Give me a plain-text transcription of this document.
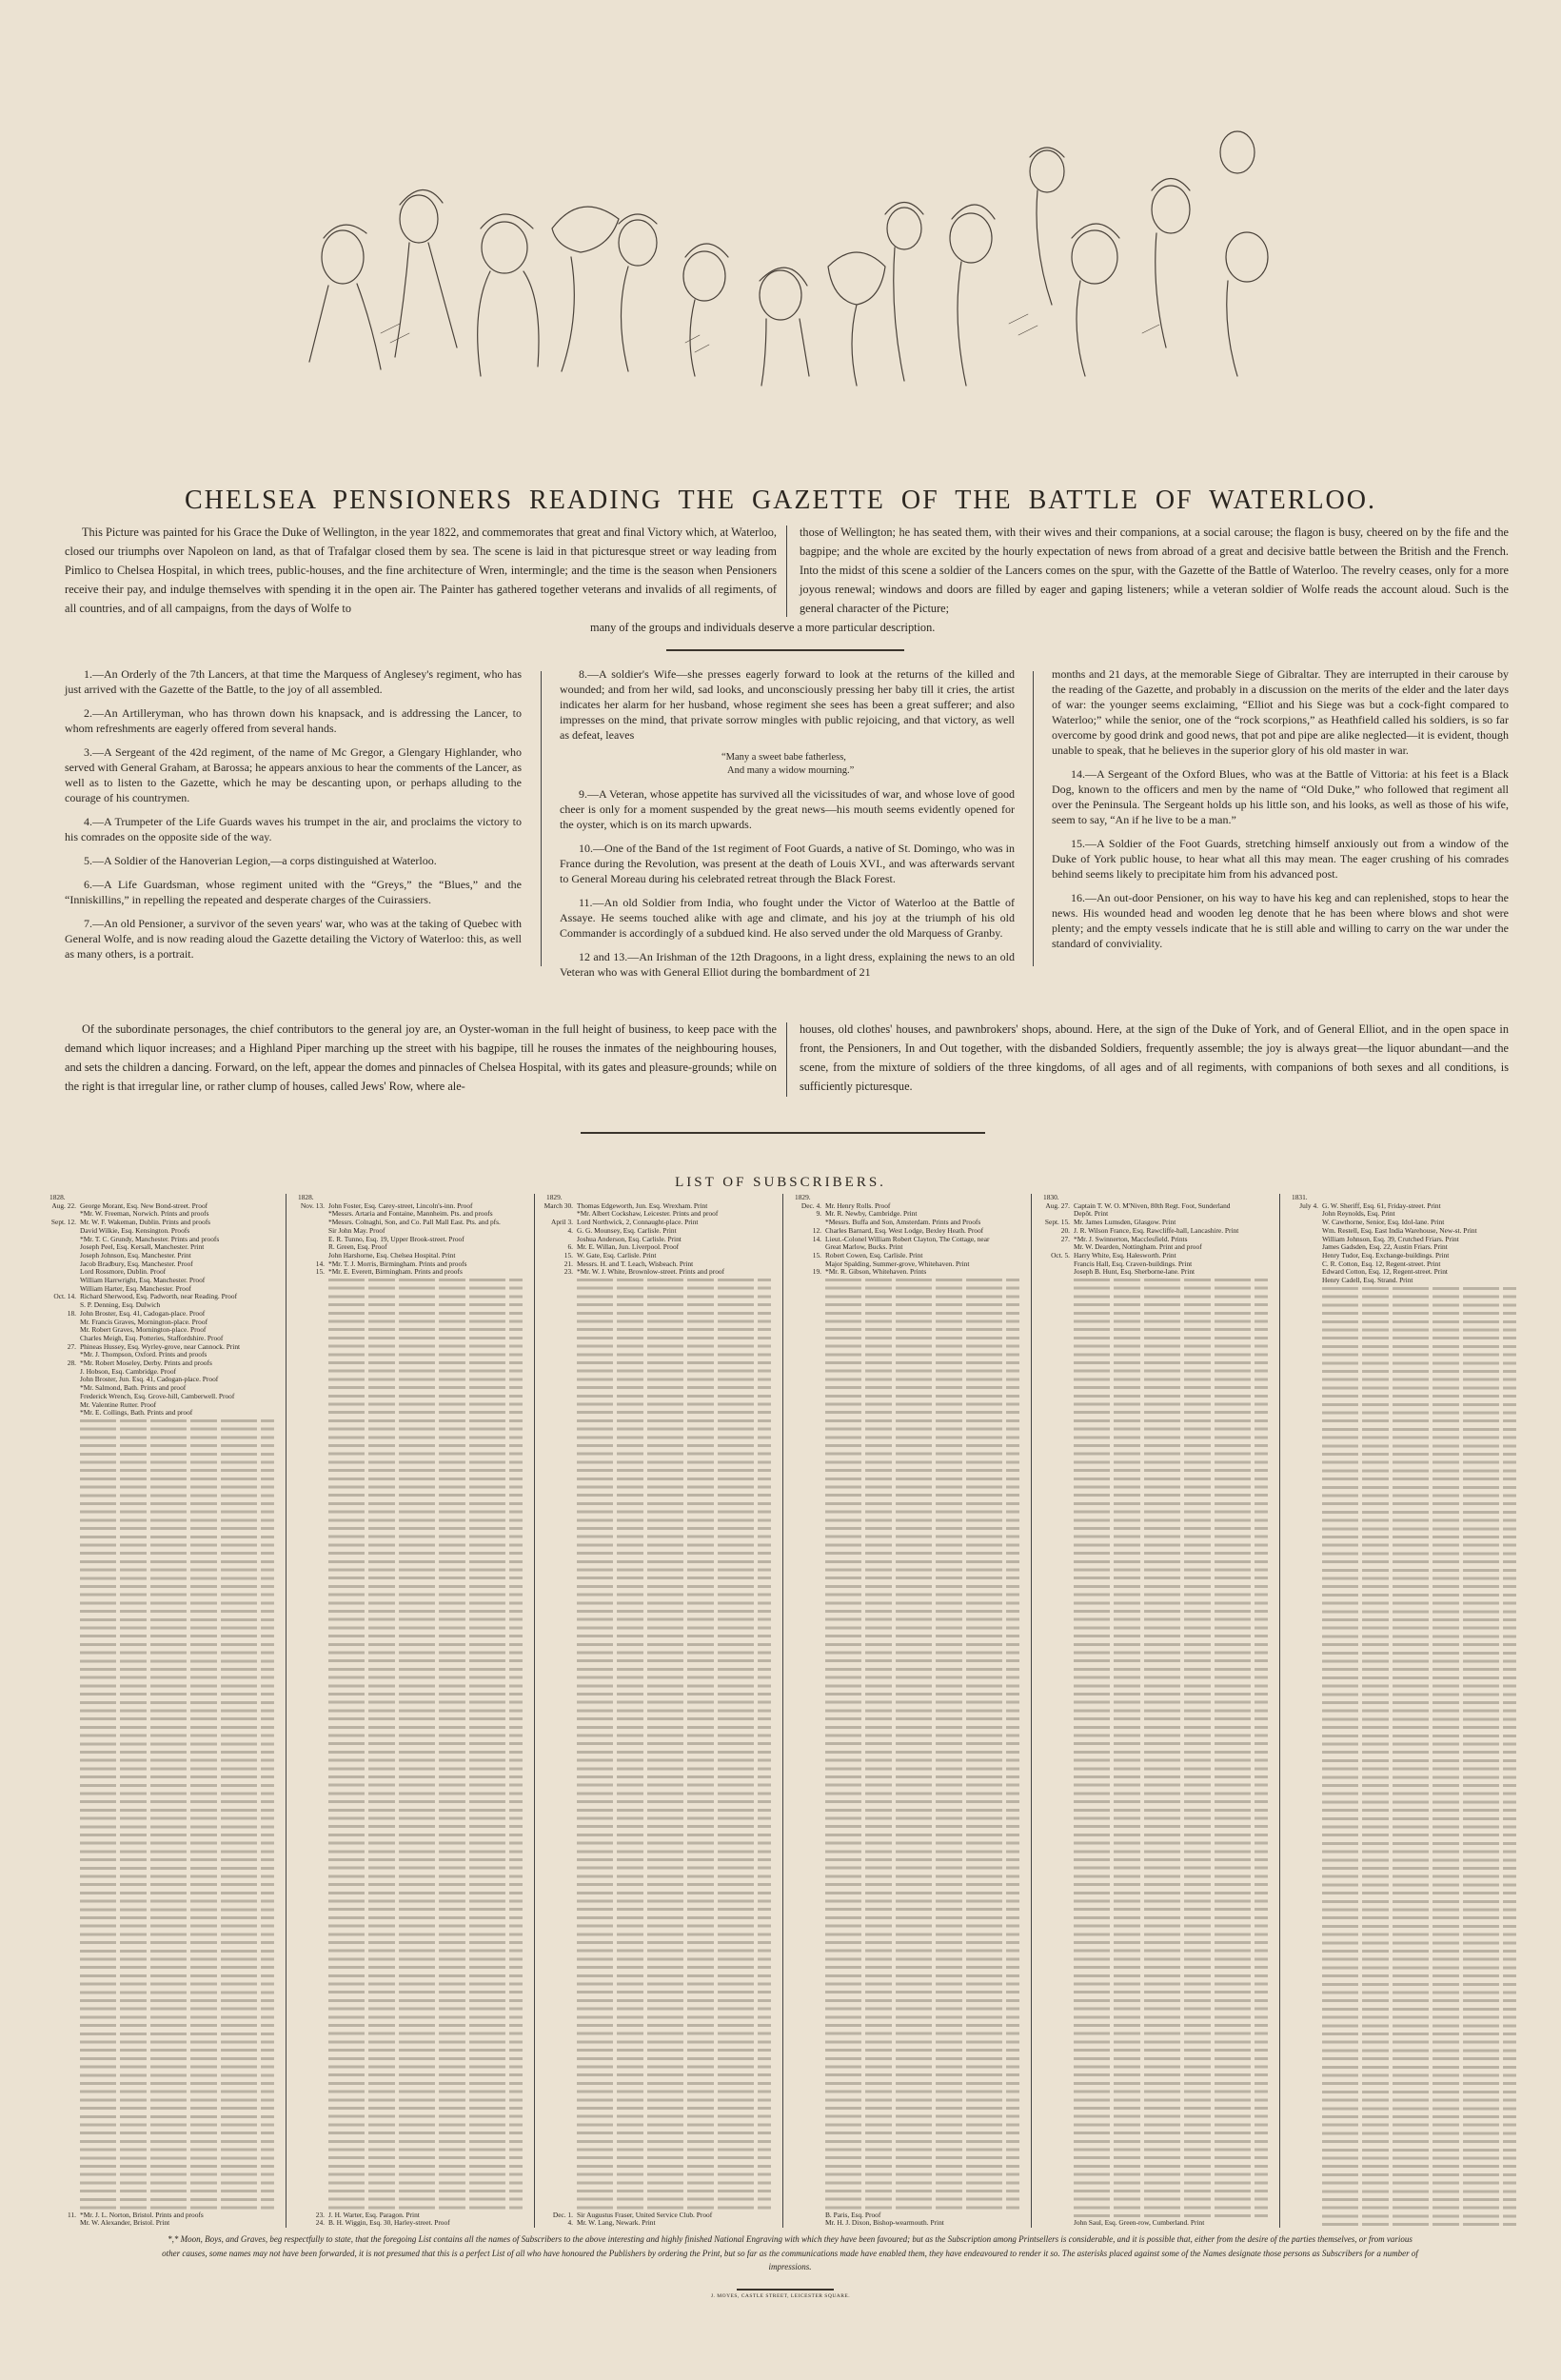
CHELSEA PENSIONERS READING THE GAZETTE OF THE BATTLE OF WATERLOO.

This Picture was painted for his Grace the Duke of Wellington, in the year 1822, and commemorates that great and final Victory which, at Waterloo, closed our triumphs over Napoleon on land, as that of Trafalgar closed them by sea. The scene is laid in that picturesque street or way leading from Pimlico to Chelsea Hospital, in which trees, public-houses, and the fine architecture of Wren, intermingle; and the time is the season when Pensioners receive their pay, and indulge themselves with spending it in the open air. The Painter has gathered together veterans and invalids of all regiments, of all countries, and of all campaigns, from the days of Wolfe to

those of Wellington; he has seated them, with their wives and their companions, at a social carouse; the flagon is busy, cheered on by the fife and the bagpipe; and the whole are excited by the hourly expectation of news from abroad of a great and decisive battle between the British and the French. Into the midst of this scene a soldier of the Lancers comes on the spur, with the Gazette of the Battle of Waterloo. The revelry ceases, only for a more joyous renewal; windows and doors are filled by eager and gaping listeners; while a veteran soldier of Wolfe reads the account aloud. Such is the general character of the Picture;

many of the groups and individuals deserve a more particular description.

1.—An Orderly of the 7th Lancers, at that time the Marquess of Anglesey's regiment, who has just arrived with the Gazette of the Battle, to the joy of all assembled.

2.—An Artilleryman, who has thrown down his knapsack, and is addressing the Lancer, to whom refreshments are eagerly offered from several hands.

3.—A Sergeant of the 42d regiment, of the name of Mc Gregor, a Glengary Highlander, who served with General Graham, at Barossa; he appears anxious to hear the comments of the Lancer, as well as to listen to the Gazette, which he may be descanting upon, or perhaps alluding to the courage of his countrymen.

4.—A Trumpeter of the Life Guards waves his trumpet in the air, and proclaims the victory to his comrades on the opposite side of the way.

5.—A Soldier of the Hanoverian Legion,—a corps distinguished at Waterloo.

6.—A Life Guardsman, whose regiment united with the “Greys,” the “Blues,” and the “Inniskillins,” in repelling the repeated and desperate charges of the Cuirassiers.

7.—An old Pensioner, a survivor of the seven years' war, who was at the taking of Quebec with General Wolfe, and is now reading aloud the Gazette detailing the Victory of Waterloo: this, as well as many others, is a portrait.

8.—A soldier's Wife—she presses eagerly forward to look at the returns of the killed and wounded; and from her wild, sad looks, and unconsciously pressing her baby till it cries, the artist indicates her alarm for her husband, whose regiment she sees has been a great sufferer; and also impresses on the mind, that private sorrow mingles with public rejoicing, and that victory, as well as defeat, leaves

“Many a sweet babe fatherless,
And many a widow mourning.”

9.—A Veteran, whose appetite has survived all the vicissitudes of war, and whose love of good cheer is only for a moment suspended by the great news—his mouth seems evidently opened for the oyster, which is on its march upwards.

10.—One of the Band of the 1st regiment of Foot Guards, a native of St. Domingo, who was in France during the Revolution, was present at the death of Louis XVI., and was afterwards servant to General Moreau during his celebrated retreat through the Black Forest.

11.—An old Soldier from India, who fought under the Victor of Waterloo at the Battle of Assaye. He seems touched alike with age and climate, and his joy at the triumph of his old Commander is accordingly of a subdued kind. He also served under the old Marquess of Granby.

12 and 13.—An Irishman of the 12th Dragoons, in a light dress, explaining the news to an old Veteran who was with General Elliot during the bombardment of 21

months and 21 days, at the memorable Siege of Gibraltar. They are interrupted in their carouse by the reading of the Gazette, and probably in a discussion on the merits of the elder and the later days of war: the younger seems exclaiming, “Elliot and his Siege was but a cock-fight compared to Waterloo;” while the senior, one of the “rock scorpions,” as Heathfield called his soldiers, is so far overcome by good drink and good news, that pot and pipe are alike neglected—it is evident, though unable to speak, that he believes in the superior glory of his old master in war.

14.—A Sergeant of the Oxford Blues, who was at the Battle of Vittoria: at his feet is a Black Dog, known to the officers and men by the name of “Old Duke,” who followed that regiment all over the Peninsula. The Sergeant holds up his little son, and his looks, as well as those of his wife, seem to say, “An if he live to be a man.”

15.—A Soldier of the Foot Guards, stretching himself anxiously out from a window of the Duke of York public house, to hear what all this may mean. The eager crushing of his comrades behind seems likely to precipitate him from his advanced post.

16.—An out-door Pensioner, on his way to have his keg and can replenished, stops to hear the news. His wounded head and wooden leg denote that he has been where blows and shot were plenty; and the empty vessels indicate that he is still able and willing to carry on the war under the standard of conviviality.

Of the subordinate personages, the chief contributors to the general joy are, an Oyster-woman in the full height of business, to keep pace with the demand which liquor increases; and a Highland Piper marching up the street with his bagpipe, till he rouses the inmates of the neighbouring houses, and sets the children a dancing. Forward, on the left, appear the domes and pinnacles of Chelsea Hospital, with its gates and pleasure-grounds; while on the right is that irregular line, or rather clump of houses, called Jews' Row, where ale-

houses, old clothes' houses, and pawnbrokers' shops, abound. Here, at the sign of the Duke of York, and of General Elliot, and in the open space in front, the Pensioners, In and Out together, with the disbanded Soldiers, frequently assemble; the joy is always great—the liquor abundant—and the scene, from the mixture of soldiers of the three kingdoms, of all ages and of all regiments, with companions of both sexes and all conditions, is sufficiently picturesque.

LIST OF SUBSCRIBERS.
1828.
Aug. 22. George Morant, Esq. New Bond-street. Proof
*Mr. W. Freeman, Norwich. Prints and proofs
Sept. 12. Mr. W. F. Wakeman, Dublin. Prints and proofs
David Wilkie, Esq. Kensington. Proofs
*Mr. T. C. Grundy, Manchester. Prints and proofs
Joseph Peel, Esq. Kersall, Manchester. Print
Joseph Johnson, Esq. Manchester. Print
Jacob Bradbury, Esq. Manchester. Proof
Lord Rossmore, Dublin. Proof
William Harrwright, Esq. Manchester. Proof
William Harter, Esq. Manchester. Proof
Oct. 14. Richard Sherwood, Esq. Padworth, near Reading. Proof
S. P. Denning, Esq. Dulwich
18. John Broster, Esq. 41, Cadogan-place. Proof
Mr. Francis Graves, Mornington-place. Proof
Mr. Robert Graves, Mornington-place. Proof
Charles Meigh, Esq. Potteries, Staffordshire. Proof
27. Phineas Hussey, Esq. Wyrley-grove, near Cannock. Print
*Mr. J. Thompson, Oxford. Prints and proofs
28. *Mr. Robert Moseley, Derby. Prints and proofs
J. Hobson, Esq. Cambridge. Proof
John Broster, Jun. Esq. 41, Cadogan-place. Proof
*Mr. Salmond, Bath. Prints and proof
Frederick Wrench, Esq. Grove-hill, Camberwell. Proof
Mr. Valentine Rutter. Proof
*Mr. E. Collings, Bath. Prints and proof
11. *Mr. J. L. Norton, Bristol. Prints and proofs
Mr. W. Alexander, Bristol. Print
1828.
Nov. 13. John Foster, Esq. Carey-street, Lincoln's-inn. Proof
*Messrs. Artaria and Fontaine, Mannheim. Pts. and proofs
*Messrs. Colnaghi, Son, and Co. Pall Mall East. Pts. and pfs.
Sir John May. Proof
E. R. Tunno, Esq. 19, Upper Brook-street. Proof
R. Green, Esq. Proof
John Harshorne, Esq. Chelsea Hospital. Print
14. *Mr. T. J. Morris, Birmingham. Prints and proofs
15. *Mr. E. Everett, Birmingham. Prints and proofs
23. J. H. Warter, Esq. Paragon. Print
24. B. H. Wiggin, Esq. 30, Harley-street. Proof
1829.
March 30. Thomas Edgeworth, Jun. Esq. Wrexham. Print
*Mr. Albert Cockshaw, Leicester. Prints and proof
April 3. Lord Northwick, 2, Connaught-place. Print
4. G. G. Mounsey, Esq. Carlisle. Print
Joshua Anderson, Esq. Carlisle. Print
6. Mr. E. Willan, Jun. Liverpool. Proof
15. W. Gate, Esq. Carlisle. Print
21. Messrs. H. and T. Leach, Wisbeach. Print
23. *Mr. W. J. White, Brownlow-street. Prints and proof
Dec. 1. Sir Augustus Fraser, United Service Club. Proof
4. Mr. W. Lang, Newark. Print
1829.
Dec. 4. Mr. Henry Rolls. Proof
9. Mr. R. Newby, Cambridge. Print
*Messrs. Buffa and Son, Amsterdam. Prints and Proofs
12. Charles Barnard, Esq. West Lodge, Bexley Heath. Proof
14. Lieut.-Colonel William Robert Clayton, The Cottage, near
Great Marlow, Bucks. Print
15. Robert Cowen, Esq. Carlisle. Print
Major Spalding, Summer-grove, Whitehaven. Print
19. *Mr. R. Gibson, Whitehaven. Prints
B. Paris, Esq. Proof
Mr. H. J. Dixon, Bishop-wearmouth. Print
1830.
Aug. 27. Captain T. W. O. M'Niven, 80th Regt. Foot, Sunderland
Depôt. Print
Sept. 15. Mr. James Lumsden, Glasgow. Print
20. J. R. Wilson France, Esq. Rawcliffe-hall, Lancashire. Print
27. *Mr. J. Swinnerton, Macclesfield. Prints
Mr. W. Dearden, Nottingham. Print and proof
Oct. 5. Harry White, Esq. Halesworth. Print
Francis Hall, Esq. Craven-buildings. Print
Joseph B. Hunt, Esq. Sherborne-lane. Print
John Saul, Esq. Green-row, Cumberland. Print
1831.
July 4. G. W. Sheriff, Esq. 61, Friday-street. Print
John Reynolds, Esq. Print
W. Cawthorne, Senior, Esq. Idol-lane. Print
Wm. Restell, Esq. East India Warehouse, New-st. Print
William Johnson, Esq. 39, Crutched Friars. Print
James Gadsden, Esq. 22, Austin Friars. Print
Henry Tudor, Esq. Exchange-buildings. Print
C. R. Cotton, Esq. 12, Regent-street. Print
Edward Cotton, Esq. 12, Regent-street. Print
Henry Cadell, Esq. Strand. Print
*,* Moon, Boys, and Graves, beg respectfully to state, that the foregoing List contains all the names of Subscribers to the above interesting and highly finished National Engraving with which they have been favoured; but as the Subscription among Printsellers is considerable, and it is possible that, either from the desire of the parties themselves, or from various other causes, some names may not have been forwarded, it is not presumed that this is a perfect List of all who have honoured the Publishers by ordering the Print, but so far as the communications made have enabled them, they have endeavoured to render it so. The asterisks placed against some of the Names designate those persons as Subscribers for a number of impressions.
J. MOYES, CASTLE STREET, LEICESTER SQUARE.
